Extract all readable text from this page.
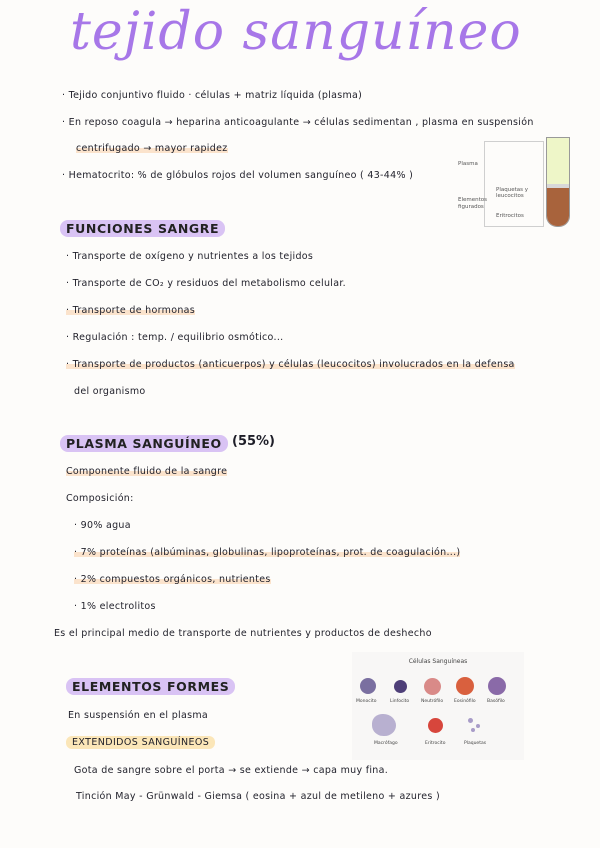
tejido sanguíneo
· Tejido conjuntivo fluido · células + matriz líquida (plasma)
· En reposo coagula → heparina anticoagulante → células sedimentan , plasma en suspensión
centrifugado → mayor rapidez
· Hematocrito: % de glóbulos rojos del volumen sanguíneo ( 43-44% )
Plasma
Elementos
figurados
Plaquetas y
leucocitos
Eritrocitos
FUNCIONES SANGRE
· Transporte de oxígeno y nutrientes a los tejidos
· Transporte de CO₂ y residuos del metabolismo celular.
· Transporte de hormonas
· Regulación : temp. / equilibrio osmótico...
· Transporte de productos (anticuerpos) y células (leucocitos) involucrados en la defensa
del organismo
PLASMA SANGUÍNEO (55%)
Componente fluido de la sangre
Composición:
· 90% agua
· 7% proteínas (albúminas, globulinas, lipoproteínas, prot. de coagulación...)
· 2% compuestos orgánicos, nutrientes
· 1% electrolitos
Es el principal medio de transporte de nutrientes y productos de deshecho
ELEMENTOS FORMES
En suspensión en el plasma
EXTENDIDOS SANGUÍNEOS
Gota de sangre sobre el porta → se extiende → capa muy fina.
Tinción May - Grünwald - Giemsa ( eosina + azul de metileno + azures )
Células Sanguíneas
Monocito	Linfocito	Neutrófilo Eosinófilo	Basófilo
Macrófago	Eritrocito	Plaquetas
